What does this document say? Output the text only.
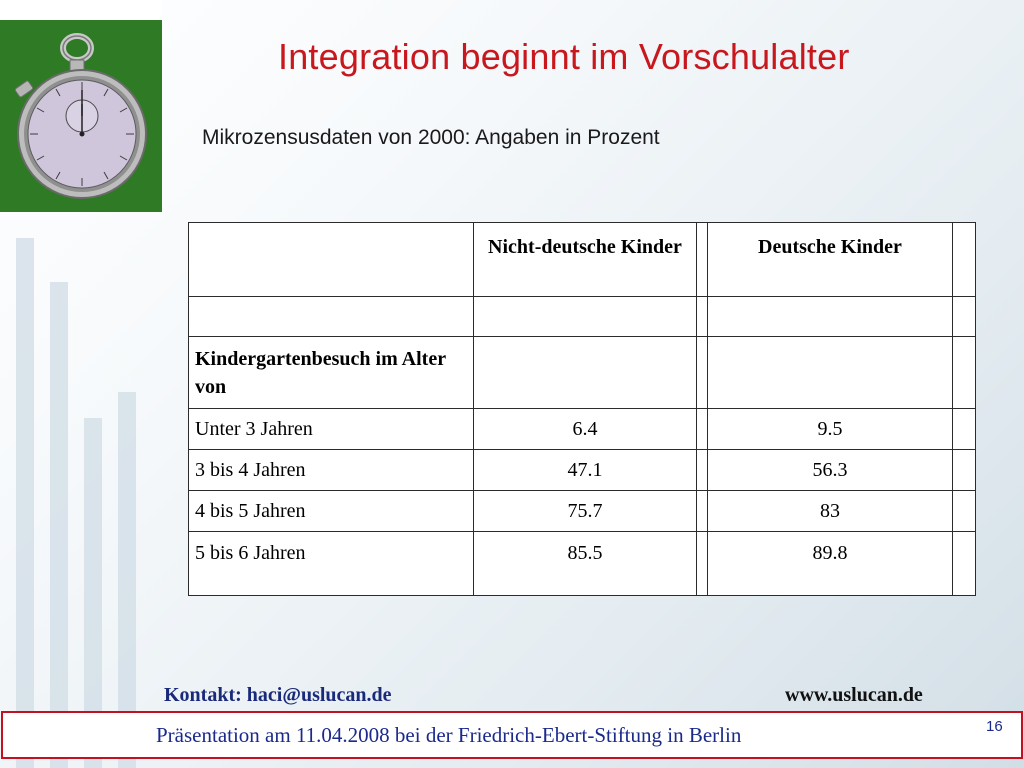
Integration beginnt im Vorschulalter
Mikrozensusdaten von 2000: Angaben in Prozent
	Nicht-deutsche Kinder		Deutsche Kinder	

Kindergartenbesuch im Alter von				
Unter 3 Jahren	6.4		9.5	
3 bis 4 Jahren	47.1		56.3	
4 bis 5 Jahren	75.7		83	
5 bis 6 Jahren	85.5		89.8	
Kontakt: haci@uslucan.de	www.uslucan.de
Präsentation am 11.04.2008 bei der Friedrich-Ebert-Stiftung in Berlin	16
